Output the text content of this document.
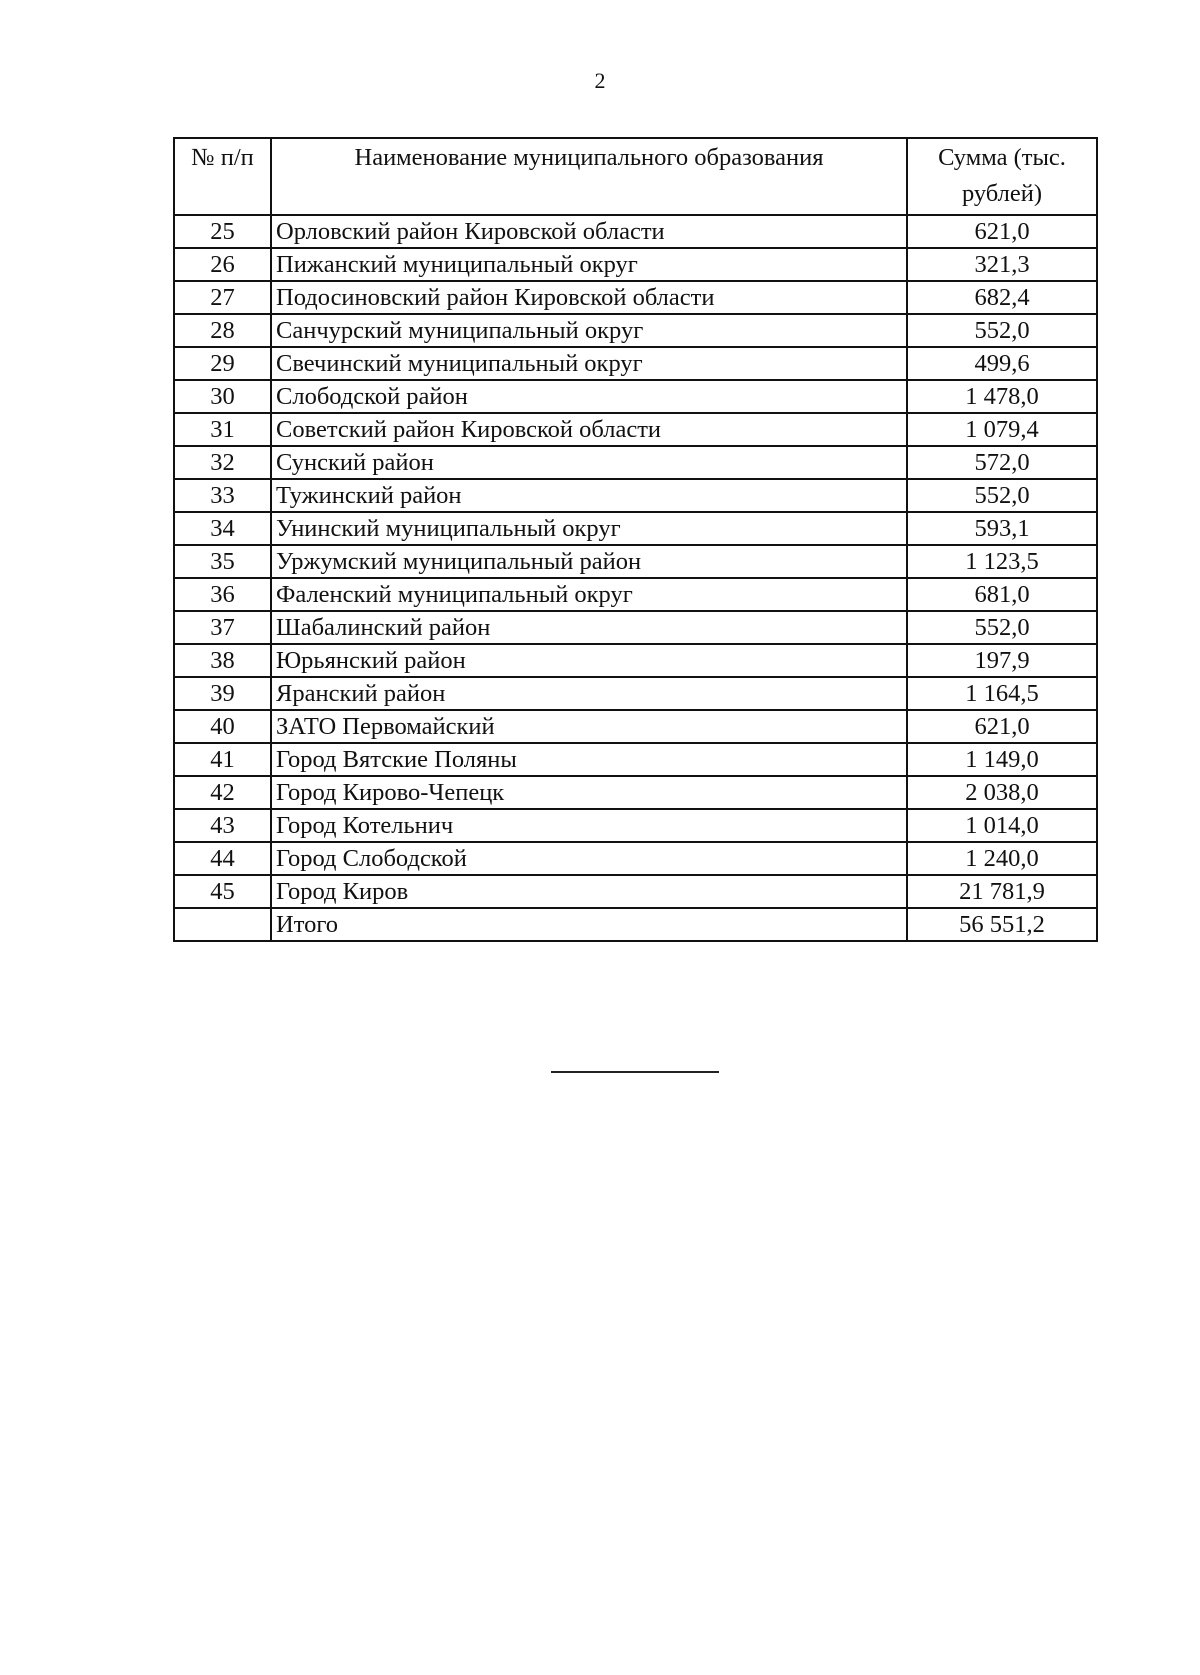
2
№ п/п	Наименование муниципального образования	Сумма (тыс. рублей)
25	Орловский район Кировской области	621,0
26	Пижанский муниципальный округ	321,3
27	Подосиновский район Кировской области	682,4
28	Санчурский муниципальный округ	552,0
29	Свечинский муниципальный округ	499,6
30	Слободской район	1 478,0
31	Советский район Кировской области	1 079,4
32	Сунский район	572,0
33	Тужинский район	552,0
34	Унинский муниципальный округ	593,1
35	Уржумский муниципальный район	1 123,5
36	Фаленский муниципальный округ	681,0
37	Шабалинский район	552,0
38	Юрьянский район	197,9
39	Яранский район	1 164,5
40	ЗАТО Первомайский	621,0
41	Город Вятские Поляны	1 149,0
42	Город Кирово-Чепецк	2 038,0
43	Город Котельнич	1 014,0
44	Город Слободской	1 240,0
45	Город Киров	21 781,9
	Итого	56 551,2
